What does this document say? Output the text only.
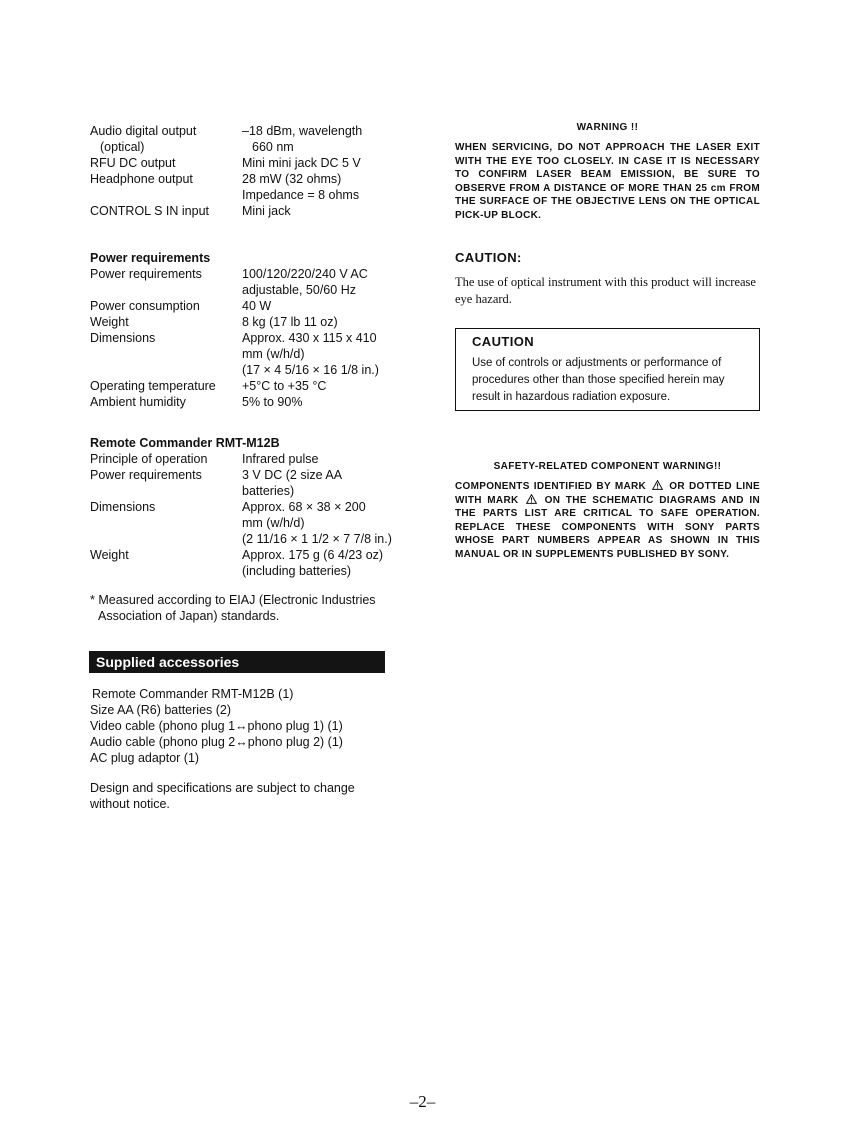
Audio digital output	–18 dBm, wavelength
(optical)	660 nm
RFU DC output	Mini mini jack DC 5 V
Headphone output	28 mW (32 ohms)
Impedance = 8 ohms
CONTROL S IN input	Mini jack
Power requirements
Power requirements	100/120/220/240 V AC
adjustable, 50/60 Hz
Power consumption	40 W
Weight	8 kg (17 lb 11 oz)
Dimensions	Approx. 430 x 115 x 410
mm (w/h/d)
(17 × 4 5/16 × 16 1/8 in.)
Operating temperature	+5°C to +35 °C
Ambient humidity	5% to 90%
Remote Commander RMT-M12B
Principle of operation	Infrared pulse
Power requirements	3 V DC (2 size AA
batteries)
Dimensions	Approx. 68 × 38 × 200
mm (w/h/d)
(2 11/16 × 1 1/2 × 7 7/8 in.)
Weight	Approx. 175 g (6 4/23 oz)
(including batteries)
* Measured according to EIAJ (Electronic Industries
Association of Japan) standards.
Supplied accessories
Remote Commander RMT-M12B (1)
Size AA (R6) batteries (2)
Video cable (phono plug 1↔phono plug 1) (1)
Audio cable (phono plug 2↔phono plug 2) (1)
AC plug adaptor (1)
Design and specifications are subject to change
without notice.
WARNING !!
WHEN SERVICING, DO NOT APPROACH THE LASER EXIT WITH THE EYE TOO CLOSELY. IN CASE IT IS NECESSARY TO CONFIRM LASER BEAM EMISSION, BE SURE TO OBSERVE FROM A DISTANCE OF MORE THAN 25 cm FROM THE SURFACE OF THE OBJECTIVE LENS ON THE OPTICAL PICK-UP BLOCK.
CAUTION:
The use of optical instrument with this product will increase eye hazard.
CAUTION
Use of controls or adjustments or performance of procedures other than those specified herein may result in hazardous radiation exposure.
SAFETY-RELATED COMPONENT WARNING!!
COMPONENTS IDENTIFIED BY MARK OR DOTTED LINE WITH MARK	ON THE SCHEMATIC DIAGRAMS AND IN THE PARTS LIST ARE CRITICAL TO SAFE OPERATION. REPLACE THESE COMPONENTS WITH SONY PARTS WHOSE PART NUMBERS APPEAR AS SHOWN IN THIS MANUAL OR IN SUPPLEMENTS PUBLISHED BY SONY.
–2–
